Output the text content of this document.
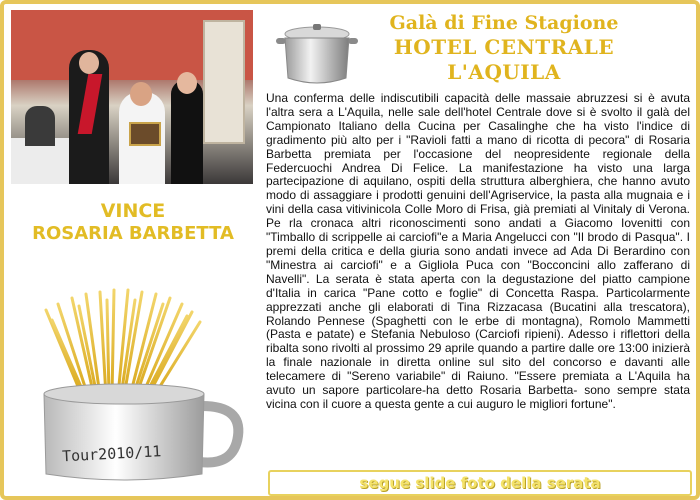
Galà di Fine Stagione
HOTEL CENTRALE
L'AQUILA
Una conferma delle indiscutibili capacità delle massaie abruzzesi si è avuta l'altra sera a L'Aquila, nelle sale dell'hotel Centrale dove si è svolto il galà del Campionato Italiano della Cucina per Casalinghe che ha visto l'indice di gradimento più alto per i "Ravioli fatti a mano di ricotta di pecora" di Rosaria Barbetta premiata per l'occasione del neopresidente regionale della Federcuochi Andrea Di Felice. La manifestazione ha visto una larga partecipazione di aquilano, ospiti della struttura alberghiera, che hanno avuto modo di assaggiare i prodotti genuini dell'Agriservice, la pasta alla mugnaia e i vini della casa vitivinicola Colle Moro di Frisa, già premiati al Vinitaly di Verona. Pe rla cronaca altri riconoscimenti sono andati a Giacomo Iovenitti con "Timballo di scrippelle ai carciofi"e a Maria Angelucci con "Il brodo di Pasqua". I premi della critica e della giuria sono andati invece ad Ada Di Berardino con "Minestra ai carciofi" e a Gigliola Puca con "Bocconcini allo zafferano di Navelli". La serata è stata aperta con la degustazione del piatto campione d'Italia in carica "Pane cotto e foglie" di Concetta Raspa. Particolarmente apprezzati anche gli elaborati di Tina Rizzacasa (Bucatini alla trescatora), Rolando Pennese (Spaghetti con le erbe di montagna), Romolo Mammetti (Pasta e patate) e Stefania Nebuloso (Carciofi ripieni). Adesso i riflettori della ribalta sono rivolti al prossimo 29 aprile quando a partire dalle ore 13:00 inizierà la finale nazionale in diretta online sul sito del concorso e davanti alle telecamere di "Sereno variabile" di Raiuno. "Essere premiata a L'Aquila ha avuto un sapore particolare-ha detto Rosaria Barbetta- sono sempre stata vicina con il cuore a questa gente a cui auguro le migliori fortune".
VINCE
ROSARIA BARBETTA
Tour2010/11
segue slide foto della serata
